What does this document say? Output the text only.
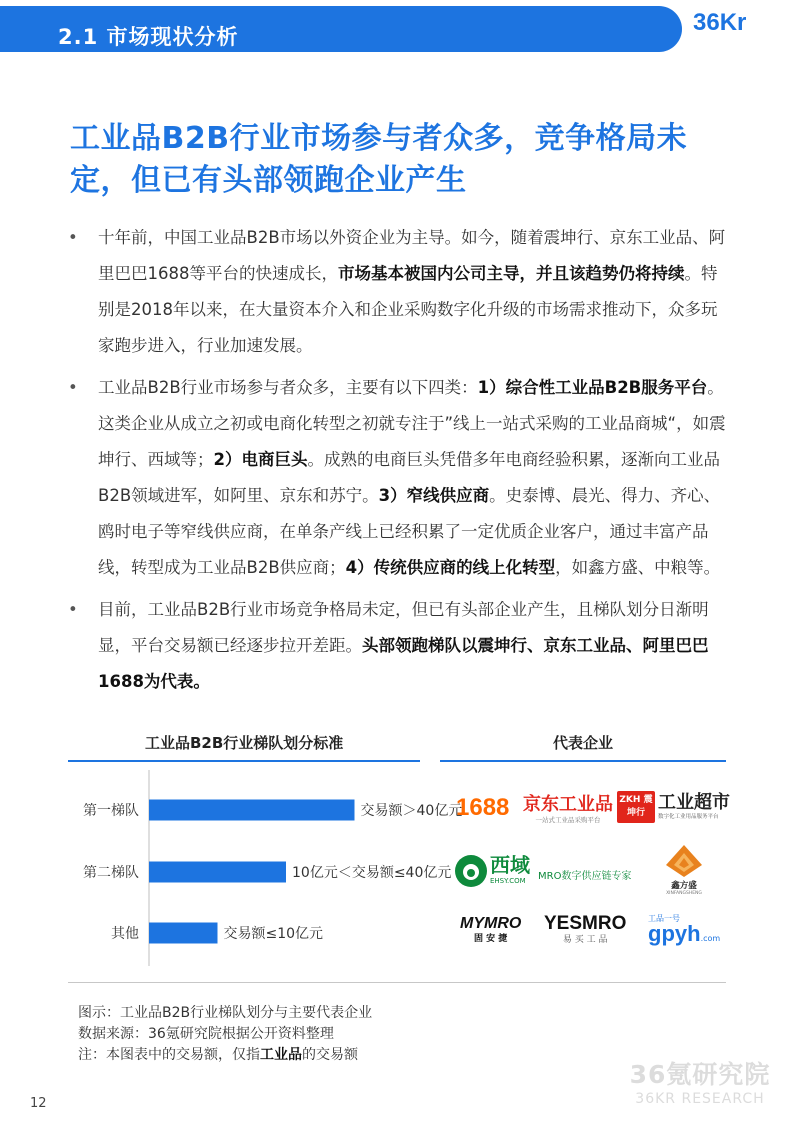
2.1 市场现状分析
36Kr
工业品B2B行业市场参与者众多，竞争格局未
定，但已有头部领跑企业产生
• 十年前，中国工业品B2B市场以外资企业为主导。如今，随着震坤行、京东工业品、阿里巴巴1688等平台的快速成长，市场基本被国内公司主导，并且该趋势仍将持续。特别是2018年以来，在大量资本介入和企业采购数字化升级的市场需求推动下，众多玩家跑步进入，行业加速发展。
• 工业品B2B行业市场参与者众多，主要有以下四类：1）综合性工业品B2B服务平台。这类企业从成立之初或电商化转型之初就专注于”线上一站式采购的工业品商城“，如震坤行、西域等；2）电商巨头。成熟的电商巨头凭借多年电商经验积累，逐渐向工业品B2B领域进军，如阿里、京东和苏宁。3）窄线供应商。史泰博、晨光、得力、齐心、鸥时电子等窄线供应商，在单条产线上已经积累了一定优质企业客户，通过丰富产品线，转型成为工业品B2B供应商；4）传统供应商的线上化转型，如鑫方盛、中粮等。
• 目前，工业品B2B行业市场竞争格局未定，但已有头部企业产生，且梯队划分日渐明显，平台交易额已经逐步拉开差距。头部领跑梯队以震坤行、京东工业品、阿里巴巴1688为代表。
工业品B2B行业梯队划分标准	代表企业
第一梯队	交易额＞40亿元
第二梯队	10亿元＜交易额≤40亿元
其他	交易额≤10亿元
1688 京东工业品
一站式工业品采购平台
ZKH 震坤行 工业超市
数字化工业用品服务平台
西域
EHSY.COM	MRO数字供应链专家
鑫方盛
XINFANGSHENG
MYMRO
固 安 捷
YESMRO
易 买 工 品
工品一号
gpyh.com
图示：工业品B2B行业梯队划分与主要代表企业
数据来源：36氪研究院根据公开资料整理
注：本图表中的交易额，仅指工业品的交易额
36氪研究院
36KR RESEARCH
12
